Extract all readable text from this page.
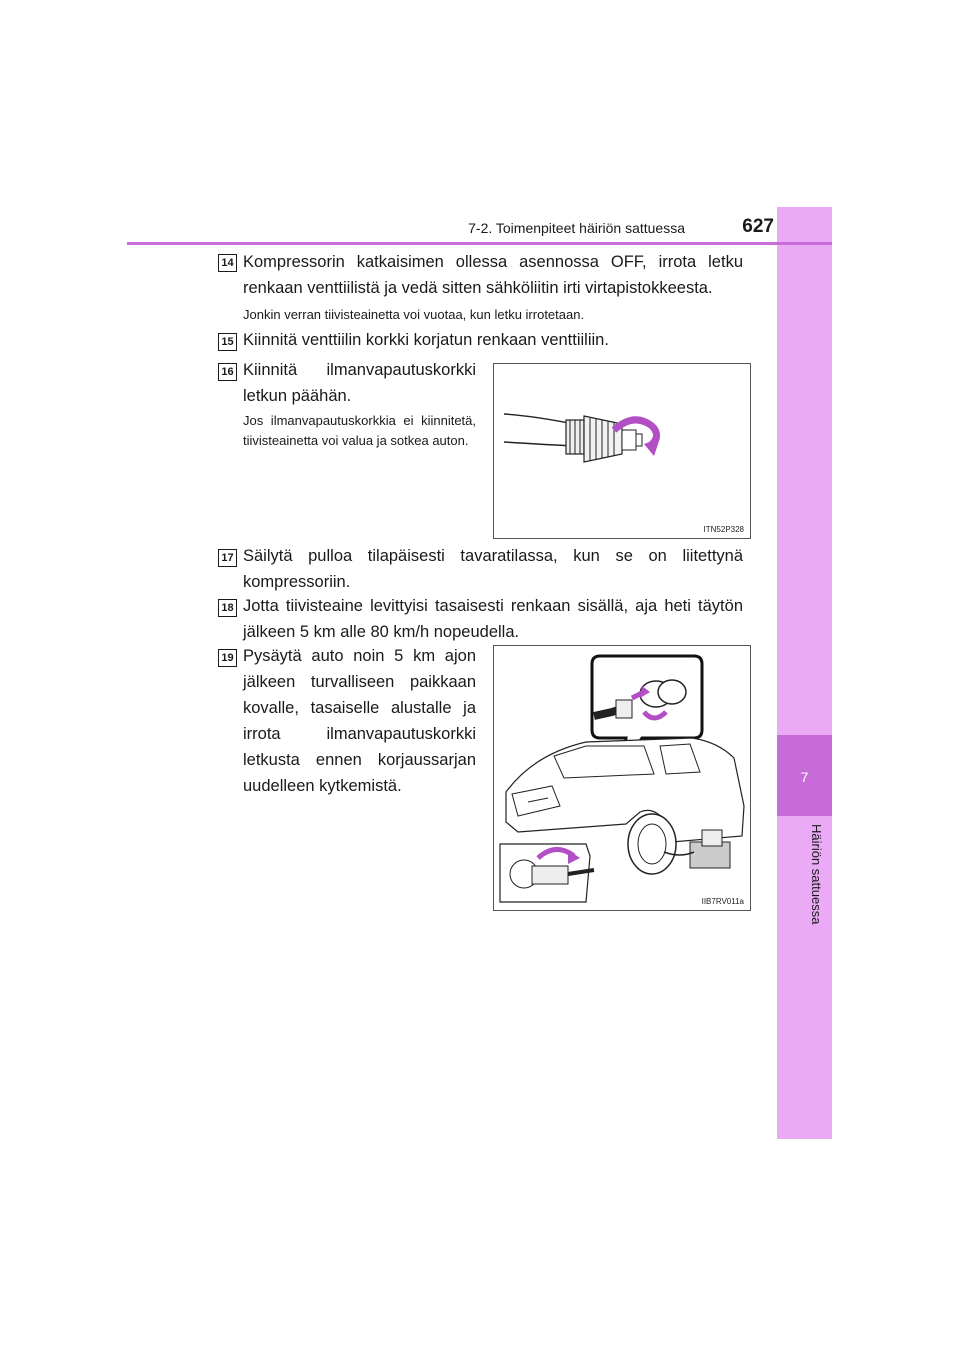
7
Häiriön sattuessa
7-2. Toimenpiteet häiriön sattuessa	627
14 Kompressorin katkaisimen ollessa asennossa OFF, irrota letku renkaan venttiilistä ja vedä sitten sähköliitin irti virtapistokkeesta.
Jonkin verran tiivisteainetta voi vuotaa, kun letku irrotetaan.
15 Kiinnitä venttiilin korkki korjatun renkaan venttiiliin.
16 Kiinnitä ilmanvapautuskorkki letkun päähän.
Jos ilmanvapautuskorkkia ei kiinnitetä, tiivisteainetta voi valua ja sotkea auton.
ITN52P328
17 Säilytä pulloa tilapäisesti tavaratilassa, kun se on liitettynä kompressoriin.
18 Jotta tiivisteaine levittyisi tasaisesti renkaan sisällä, aja heti täytön jälkeen 5 km alle 80 km/h nopeudella.
19 Pysäytä auto noin 5 km ajon jälkeen turvalliseen paikkaan kovalle, tasaiselle alustalle ja irrota ilmanvapautuskorkki letkusta ennen korjaussarjan uudelleen kytkemistä.
IIB7RV011a
